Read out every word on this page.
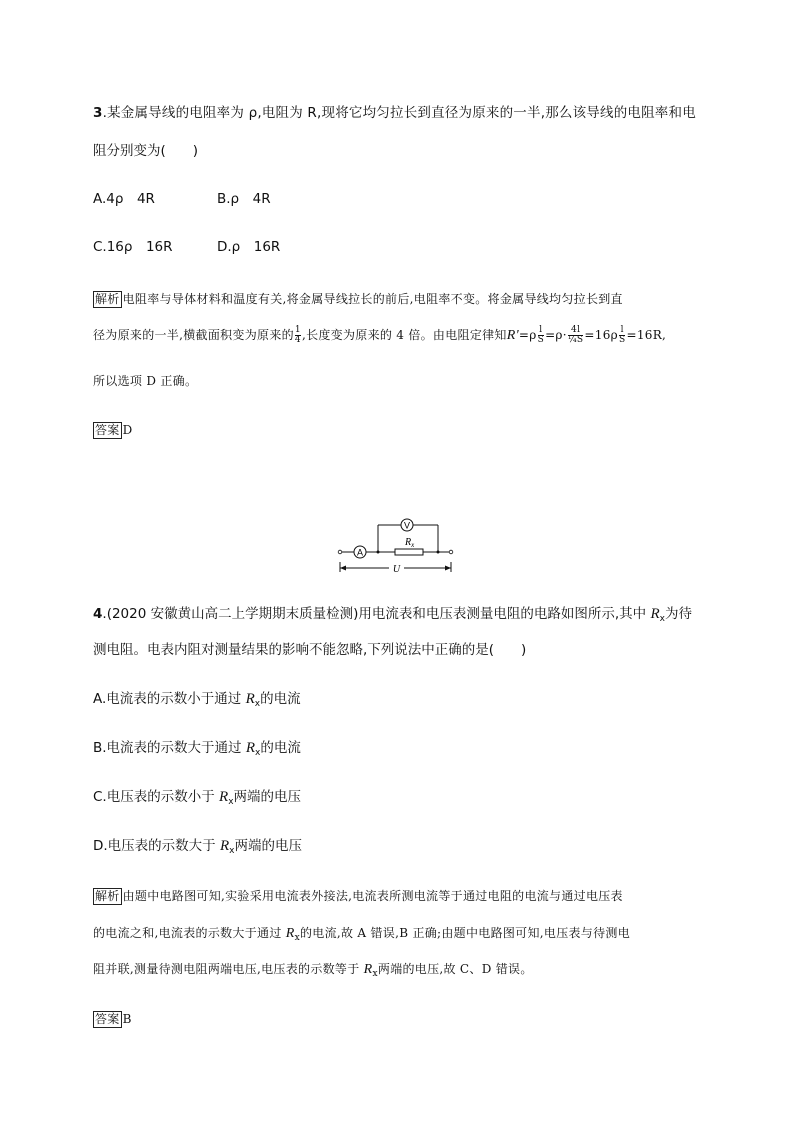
3.某金属导线的电阻率为 ρ,电阻为 R,现将它均匀拉长到直径为原来的一半,那么该导线的电阻率和电
阻分别变为(　　)
A.4ρ　4R	B.ρ　4R
C.16ρ　16R	D.ρ　16R
解析 电阻率与导体材料和温度有关,将金属导线拉长的前后,电阻率不变。将金属导线均匀拉长到直
径为原来的一半,横截面积变为原来的 $\frac{1}{4}$ ,长度变为原来的 4 倍。由电阻定律知$R'=\rho \frac{l}{S} =\rho\cdot \frac{4l}{\text{¼S}} =16\rho \frac{l}{S} =16R$,
所以选项 D 正确。
答案 D
A
V
$R_x$
U
4.(2020 安徽黄山高二上学期期末质量检测)用电流表和电压表测量电阻的电路如图所示,其中 $R_x$为待
测电阻。电表内阻对测量结果的影响不能忽略,下列说法中正确的是(　　)
A.电流表的示数小于通过 $R_x$的电流
B.电流表的示数大于通过 $R_x$的电流
C.电压表的示数小于 $R_x$两端的电压
D.电压表的示数大于 $R_x$两端的电压
解析 由题中电路图可知,实验采用电流表外接法,电流表所测电流等于通过电阻的电流与通过电压表
的电流之和,电流表的示数大于通过 $R_x$的电流,故 A 错误,B 正确;由题中电路图可知,电压表与待测电
阻并联,测量待测电阻两端电压,电压表的示数等于 $R_x$两端的电压,故 C、D 错误。
答案 B
